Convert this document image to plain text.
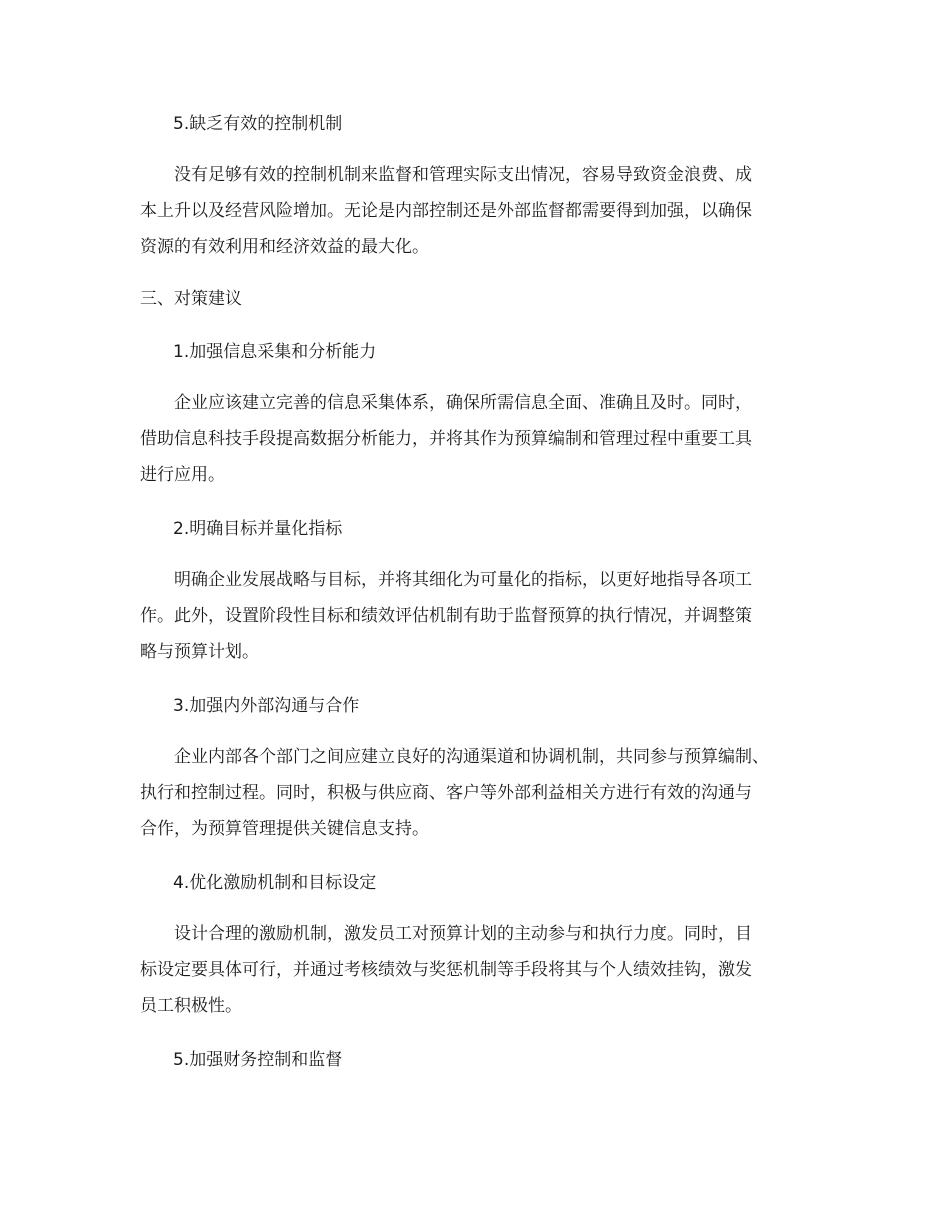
5.缺乏有效的控制机制
没有足够有效的控制机制来监督和管理实际支出情况，容易导致资金浪费、成
本上升以及经营风险增加。无论是内部控制还是外部监督都需要得到加强，以确保
资源的有效利用和经济效益的最大化。
三、对策建议
1.加强信息采集和分析能力
企业应该建立完善的信息采集体系，确保所需信息全面、准确且及时。同时，
借助信息科技手段提高数据分析能力，并将其作为预算编制和管理过程中重要工具
进行应用。
2.明确目标并量化指标
明确企业发展战略与目标，并将其细化为可量化的指标，以更好地指导各项工
作。此外，设置阶段性目标和绩效评估机制有助于监督预算的执行情况，并调整策
略与预算计划。
3.加强内外部沟通与合作
企业内部各个部门之间应建立良好的沟通渠道和协调机制，共同参与预算编制、
执行和控制过程。同时，积极与供应商、客户等外部利益相关方进行有效的沟通与
合作，为预算管理提供关键信息支持。
4.优化激励机制和目标设定
设计合理的激励机制，激发员工对预算计划的主动参与和执行力度。同时，目
标设定要具体可行，并通过考核绩效与奖惩机制等手段将其与个人绩效挂钩，激发
员工积极性。
5.加强财务控制和监督
